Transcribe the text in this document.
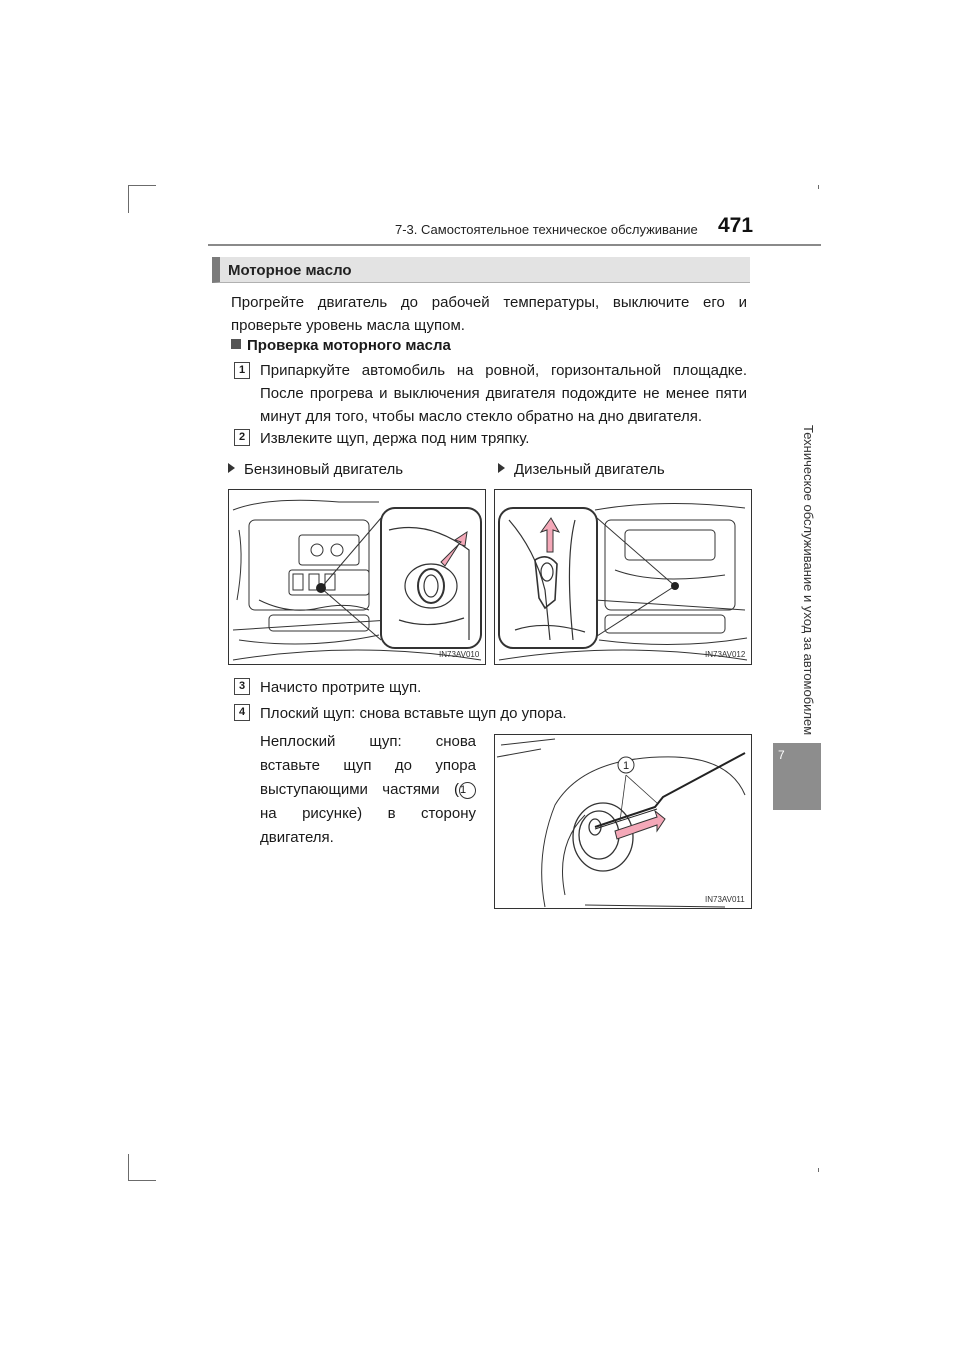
7-3. Самостоятельное техническое обслуживание 471
Техническое обслуживание и уход за автомобилем
7
Моторное масло
Прогрейте двигатель до рабочей температуры, выключите его и
проверьте уровень масла щупом.
Проверка моторного масла
1 Припаркуйте автомобиль на ровной, горизонтальной площадке.
После прогрева и выключения двигателя подождите не менее пяти
минут для того, чтобы масло стекло обратно на дно двигателя.
2 Извлеките щуп, держа под ним тряпку.
Бензиновый двигатель	Дизельный двигатель
IN73AV010	IN73AV012
3 Начисто протрите щуп.
4 Плоский щуп: снова вставьте щуп до упора.
Неплоский щуп: снова
вставьте щуп до упора
выступающими частями (1
на рисунке) в сторону
двигателя.
1
IN73AV011
